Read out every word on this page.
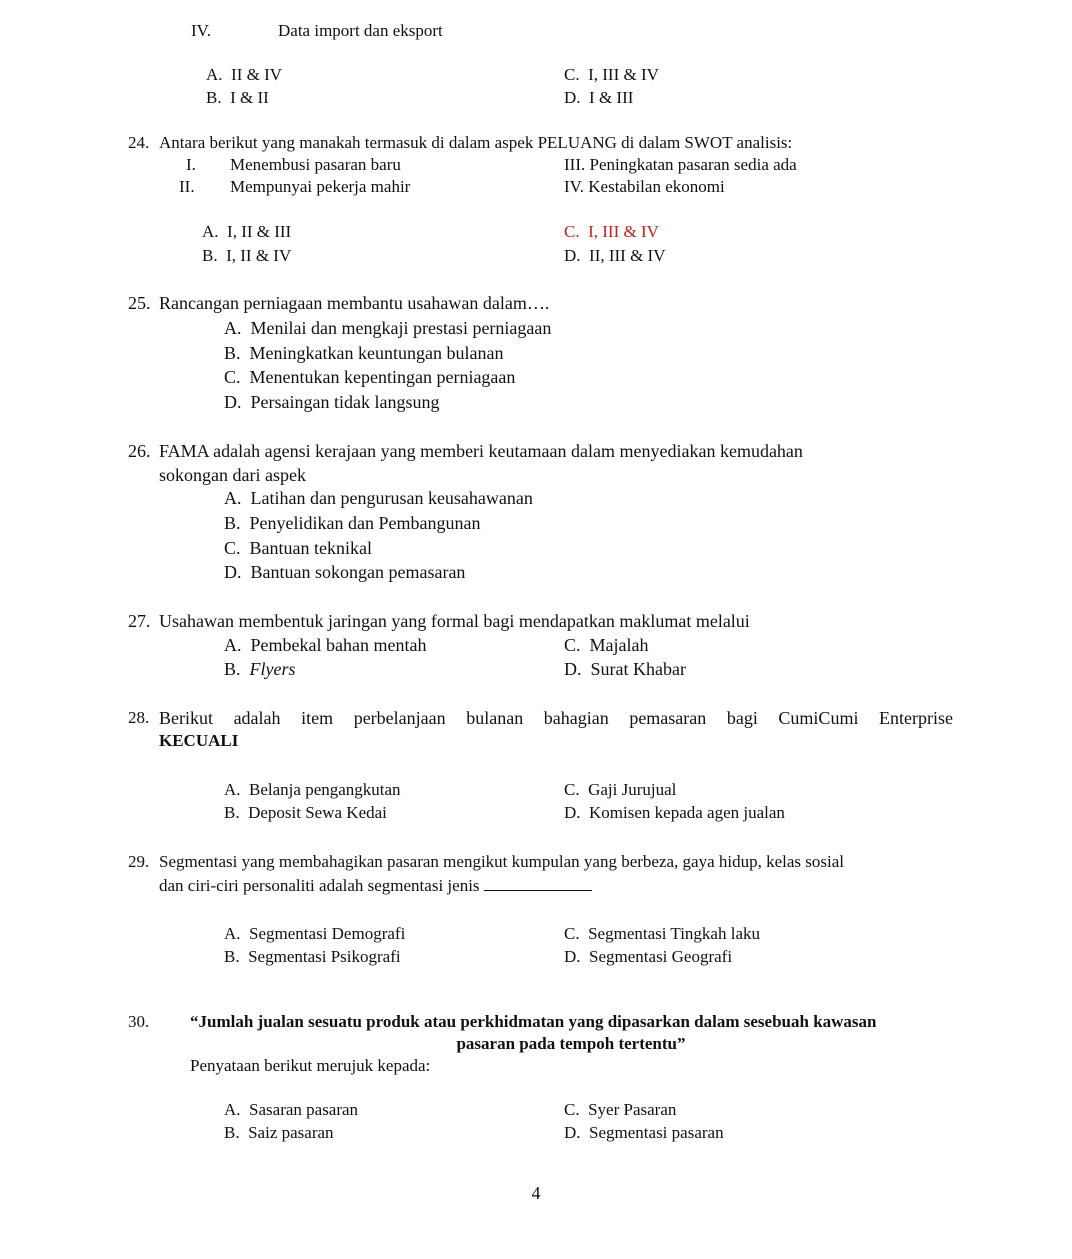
IV.	Data import dan eksport
A. II & IV	C. I, III & IV
B. I & II	D. I & III
24. Antara berikut yang manakah termasuk di dalam aspek PELUANG di dalam SWOT analisis:
I. Menembusi pasaran baru
II. Mempunyai pekerja mahir
III. Peningkatan pasaran sedia ada
IV. Kestabilan ekonomi
A. I, II & III
B. I, II & IV
C. I, III & IV
D. II, III & IV
25. Rancangan perniagaan membantu usahawan dalam….
A. Menilai dan mengkaji prestasi perniagaan
B. Meningkatkan keuntungan bulanan
C. Menentukan kepentingan perniagaan
D. Persaingan tidak langsung
26. FAMA adalah agensi kerajaan yang memberi keutamaan dalam menyediakan kemudahan
sokongan dari aspek
A. Latihan dan pengurusan keusahawanan
B. Penyelidikan dan Pembangunan
C. Bantuan teknikal
D. Bantuan sokongan pemasaran
27. Usahawan membentuk jaringan yang formal bagi mendapatkan maklumat melalui
A. Pembekal bahan mentah	C. Majalah
B. Flyers	D. Surat Khabar
28. Berikut adalah item perbelanjaan bulanan bahagian pemasaran bagi CumiCumi Enterprise
KECUALI
A. Belanja pengangkutan	C. Gaji Jurujual
B. Deposit Sewa Kedai	D. Komisen kepada agen jualan
29. Segmentasi yang membahagikan pasaran mengikut kumpulan yang berbeza, gaya hidup, kelas sosial
dan ciri-ciri personaliti adalah segmentasi jenis
A. Segmentasi Demografi	C. Segmentasi Tingkah laku
B. Segmentasi Psikografi	D. Segmentasi Geografi
30. “Jumlah jualan sesuatu produk atau perkhidmatan yang dipasarkan dalam sesebuah kawasan
pasaran pada tempoh tertentu”
Penyataan berikut merujuk kepada:
A. Sasaran pasaran	C. Syer Pasaran
B. Saiz pasaran	D. Segmentasi pasaran
4
